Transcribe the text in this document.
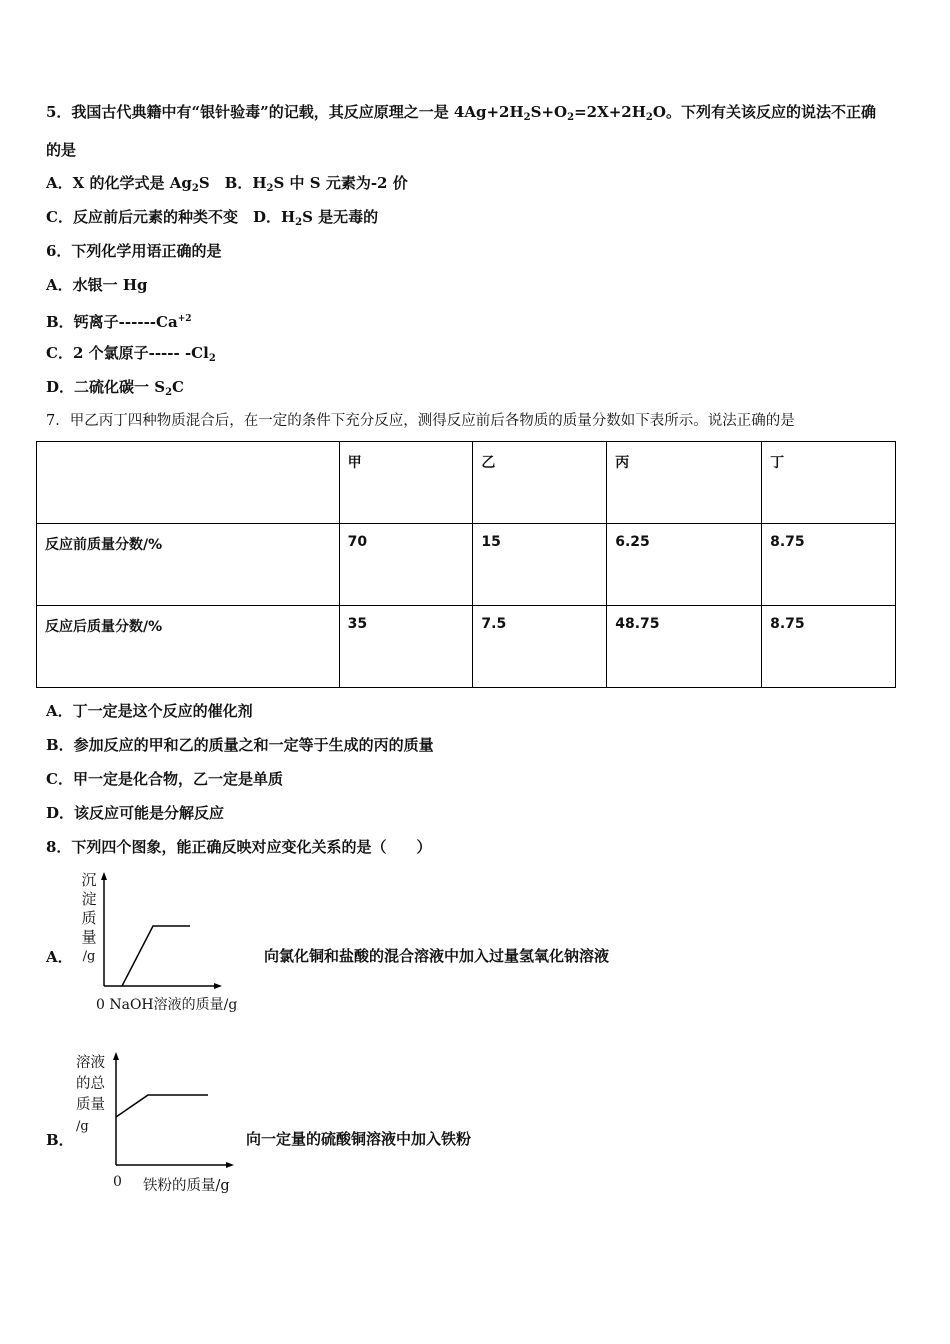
5．我国古代典籍中有“银针验毒”的记载，其反应原理之一是 $4Ag+2H_2S+O_2=2X+2H_2O$。下列有关该反应的说法不正确
的是
A．X 的化学式是 $Ag_2S$　B．$H_2S$ 中 S 元素为-2 价
C．反应前后元素的种类不变　D．$H_2S$ 是无毒的
6．下列化学用语正确的是
A．水银一 Hg
B．钙离子$------Ca^{+2}$
C．2 个氯原子----- $-Cl_2$
D．二硫化碳一 $S_2C$
7．甲乙丙丁四种物质混合后，在一定的条件下充分反应，测得反应前后各物质的质量分数如下表所示。说法正确的是
	甲	乙	丙	丁
反应前质量分数/%	70	15	6.25	8.75
反应后质量分数/%	35	7.5	48.75	8.75
A．丁一定是这个反应的催化剂
B．参加反应的甲和乙的质量之和一定等于生成的丙的质量
C．甲一定是化合物，乙一定是单质
D．该反应可能是分解反应
8．下列四个图象，能正确反映对应变化关系的是（　　）
A．
沉
淀
质
量
/g
0 NaOH溶液的质量/g
向氯化铜和盐酸的混合溶液中加入过量氢氧化钠溶液
B．
溶液
的总
质量
/g
0 铁粉的质量/g
向一定量的硫酸铜溶液中加入铁粉
